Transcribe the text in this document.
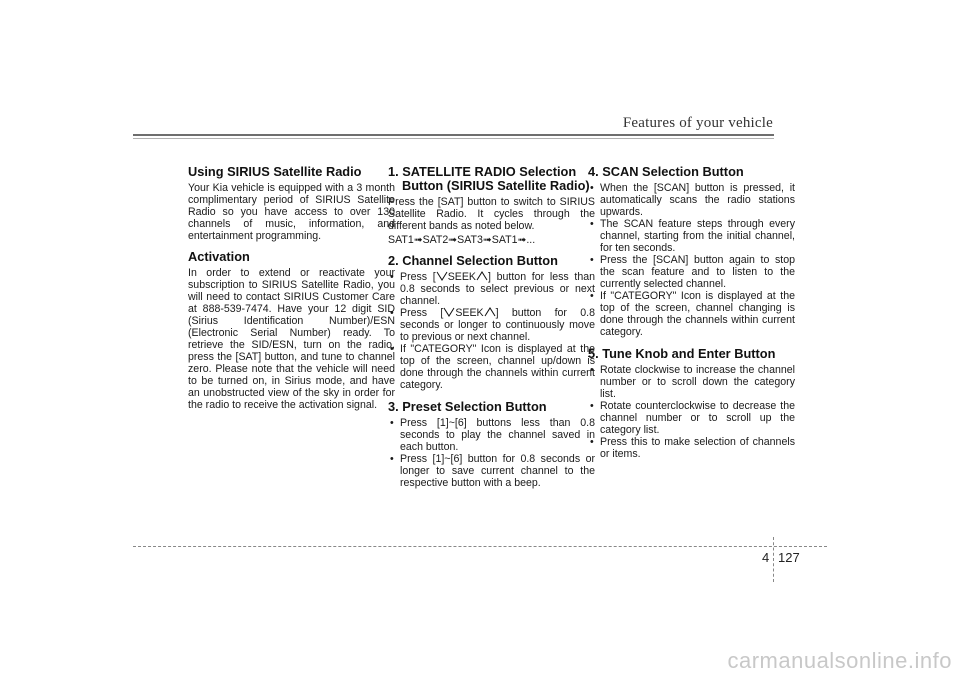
Features of your vehicle
Using SIRIUS Satellite Radio

Your Kia vehicle is equipped with a 3 month complimentary period of SIRIUS Satellite Radio so you have access to over 130 channels of music, information, and entertainment programming.

Activation

In order to extend or reactivate your subscription to SIRIUS Satellite Radio, you will need to contact SIRIUS Customer Care at 888-539-7474. Have your 12 digit SID (Sirius Identification Number)/ESN (Electronic Serial Number) ready. To retrieve the SID/ESN, turn on the radio, press the [SAT] button, and tune to channel zero. Please note that the vehicle will need to be turned on, in Sirius mode, and have an unobstructed view of the sky in order for the radio to receive the activation signal.

1. SATELLITE RADIO Selection Button (SIRIUS Satellite Radio)

Press the [SAT] button to switch to SIRIUS Satellite Radio. It cycles through the different bands as noted below.

SAT1➟SAT2➟SAT3➟SAT1➟...

2. Channel Selection Button
• Press [ SEEK ] button for less than 0.8 seconds to select previous or next channel.
• Press [ SEEK ] button for 0.8 seconds or longer to continuously move to previous or next channel.
• If "CATEGORY" Icon is displayed at the top of the screen, channel up/down is done through the channels within current category.
3. Preset Selection Button
• Press [1]~[6] buttons less than 0.8 seconds to play the channel saved in each button.
• Press [1]~[6] button for 0.8 seconds or longer to save current channel to the respective button with a beep.
4. SCAN Selection Button
• When the [SCAN] button is pressed, it automatically scans the radio stations upwards.
• The SCAN feature steps through every channel, starting from the initial channel, for ten seconds.
• Press the [SCAN] button again to stop the scan feature and to listen to the currently selected channel.
• If "CATEGORY" Icon is displayed at the top of the screen, channel changing is done through the channels within current category.
5. Tune Knob and Enter Button
• Rotate clockwise to increase the channel number or to scroll down the category list.
• Rotate counterclockwise to decrease the channel number or to scroll up the category list.
• Press this to make selection of channels or items.
4 127
carmanualsonline.info
